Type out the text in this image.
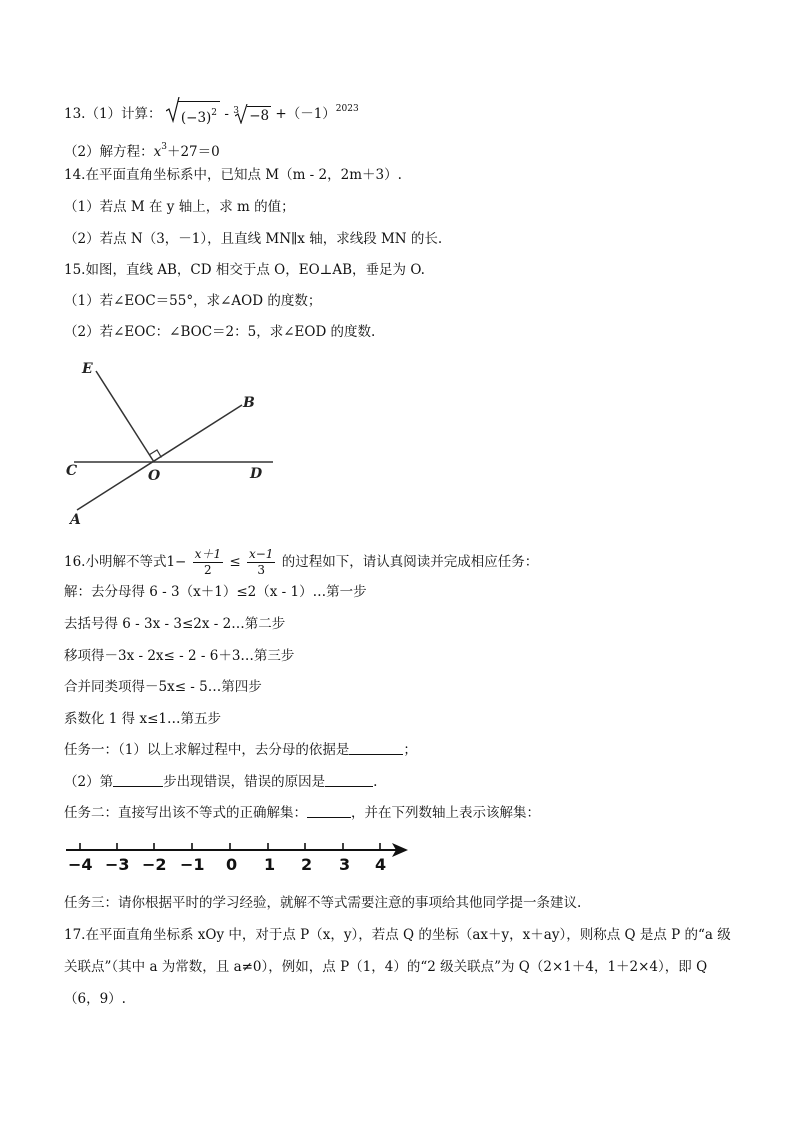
13.（1）计算： $(-3)^2 - 3 -8 +(-1)^{2023}$
（2）解方程：$x^3+27=0$
14.在平面直角坐标系中，已知点 M（m - 2，2m＋3）.
（1）若点 M 在 y 轴上，求 m 的值；
（2）若点 N（3，－1），且直线 MN∥x 轴，求线段 MN 的长.
15.如图，直线 AB，CD 相交于点 O，EO⊥AB，垂足为 O.
（1）若∠EOC＝55°，求∠AOD 的度数；
（2）若∠EOC：∠BOC＝2：5，求∠EOD 的度数.
E
B
C	O	D
A
16.小明解不等式$1- \frac{x+1}{2} \le \frac{x-1}{3}$ 的过程如下，请认真阅读并完成相应任务：
解：去分母得 6 - 3（x＋1）≤2（x - 1）…第一步
去括号得 6 - 3x - 3≤2x - 2…第二步
移项得－3x - 2x≤ - 2 - 6＋3…第三步
合并同类项得－5x≤ - 5…第四步
系数化 1 得 x≤1…第五步
任务一：（1）以上求解过程中，去分母的依据是	；
（2）第	步出现错误，错误的原因是	.
任务二：直接写出该不等式的正确解集：	，并在下列数轴上表示该解集：
−4 −3 −2 −1 0 1 2 3 4
任务三：请你根据平时的学习经验，就解不等式需要注意的事项给其他同学提一条建议.
17.在平面直角坐标系 xOy 中，对于点 P（x，y），若点 Q 的坐标（ax＋y，x＋ay），则称点 Q 是点 P 的“a 级
关联点”（其中 a 为常数，且 a≠0），例如，点 P（1，4）的“2 级关联点”为 Q（2×1＋4，1＋2×4），即 Q
（6，9）.
